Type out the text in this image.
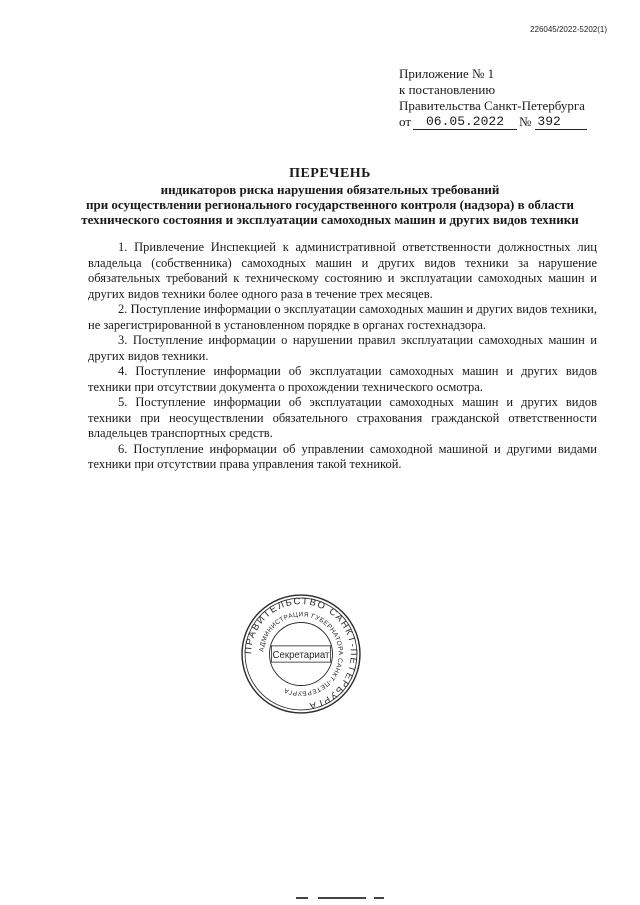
226045/2022-5202(1)
Приложение № 1
к постановлению
Правительства Санкт-Петербурга
от	06.05.2022	№ 392
ПЕРЕЧЕНЬ
индикаторов риска нарушения обязательных требований
при осуществлении регионального государственного контроля (надзора) в области
технического состояния и эксплуатации самоходных машин и других видов техники

1. Привлечение Инспекцией к административной ответственности должностных лиц владельца (собственника) самоходных машин и других видов техники за нарушение обязательных требований к техническому состоянию и эксплуатации самоходных машин и других видов техники более одного раза в течение трех месяцев.

2. Поступление информации о эксплуатации самоходных машин и других видов техники, не зарегистрированной в установленном порядке в органах гостехнадзора.

3. Поступление информации о нарушении правил эксплуатации самоходных машин и других видов техники.

4. Поступление информации об эксплуатации самоходных машин и других видов техники при отсутствии документа о прохождении технического осмотра.

5. Поступление информации об эксплуатации самоходных машин и других видов техники при неосуществлении обязательного страхования гражданской ответственности владельцев транспортных средств.

6. Поступление информации об управлении самоходной машиной и другими видами техники при отсутствии права управления такой техникой.

ПРАВИТЕЛЬСТВО САНКТ-ПЕТЕРБУРГА
АДМИНИСТРАЦИЯ ГУБЕРНАТОРА САНКТ-ПЕТЕРБУРГА
Секретариат
